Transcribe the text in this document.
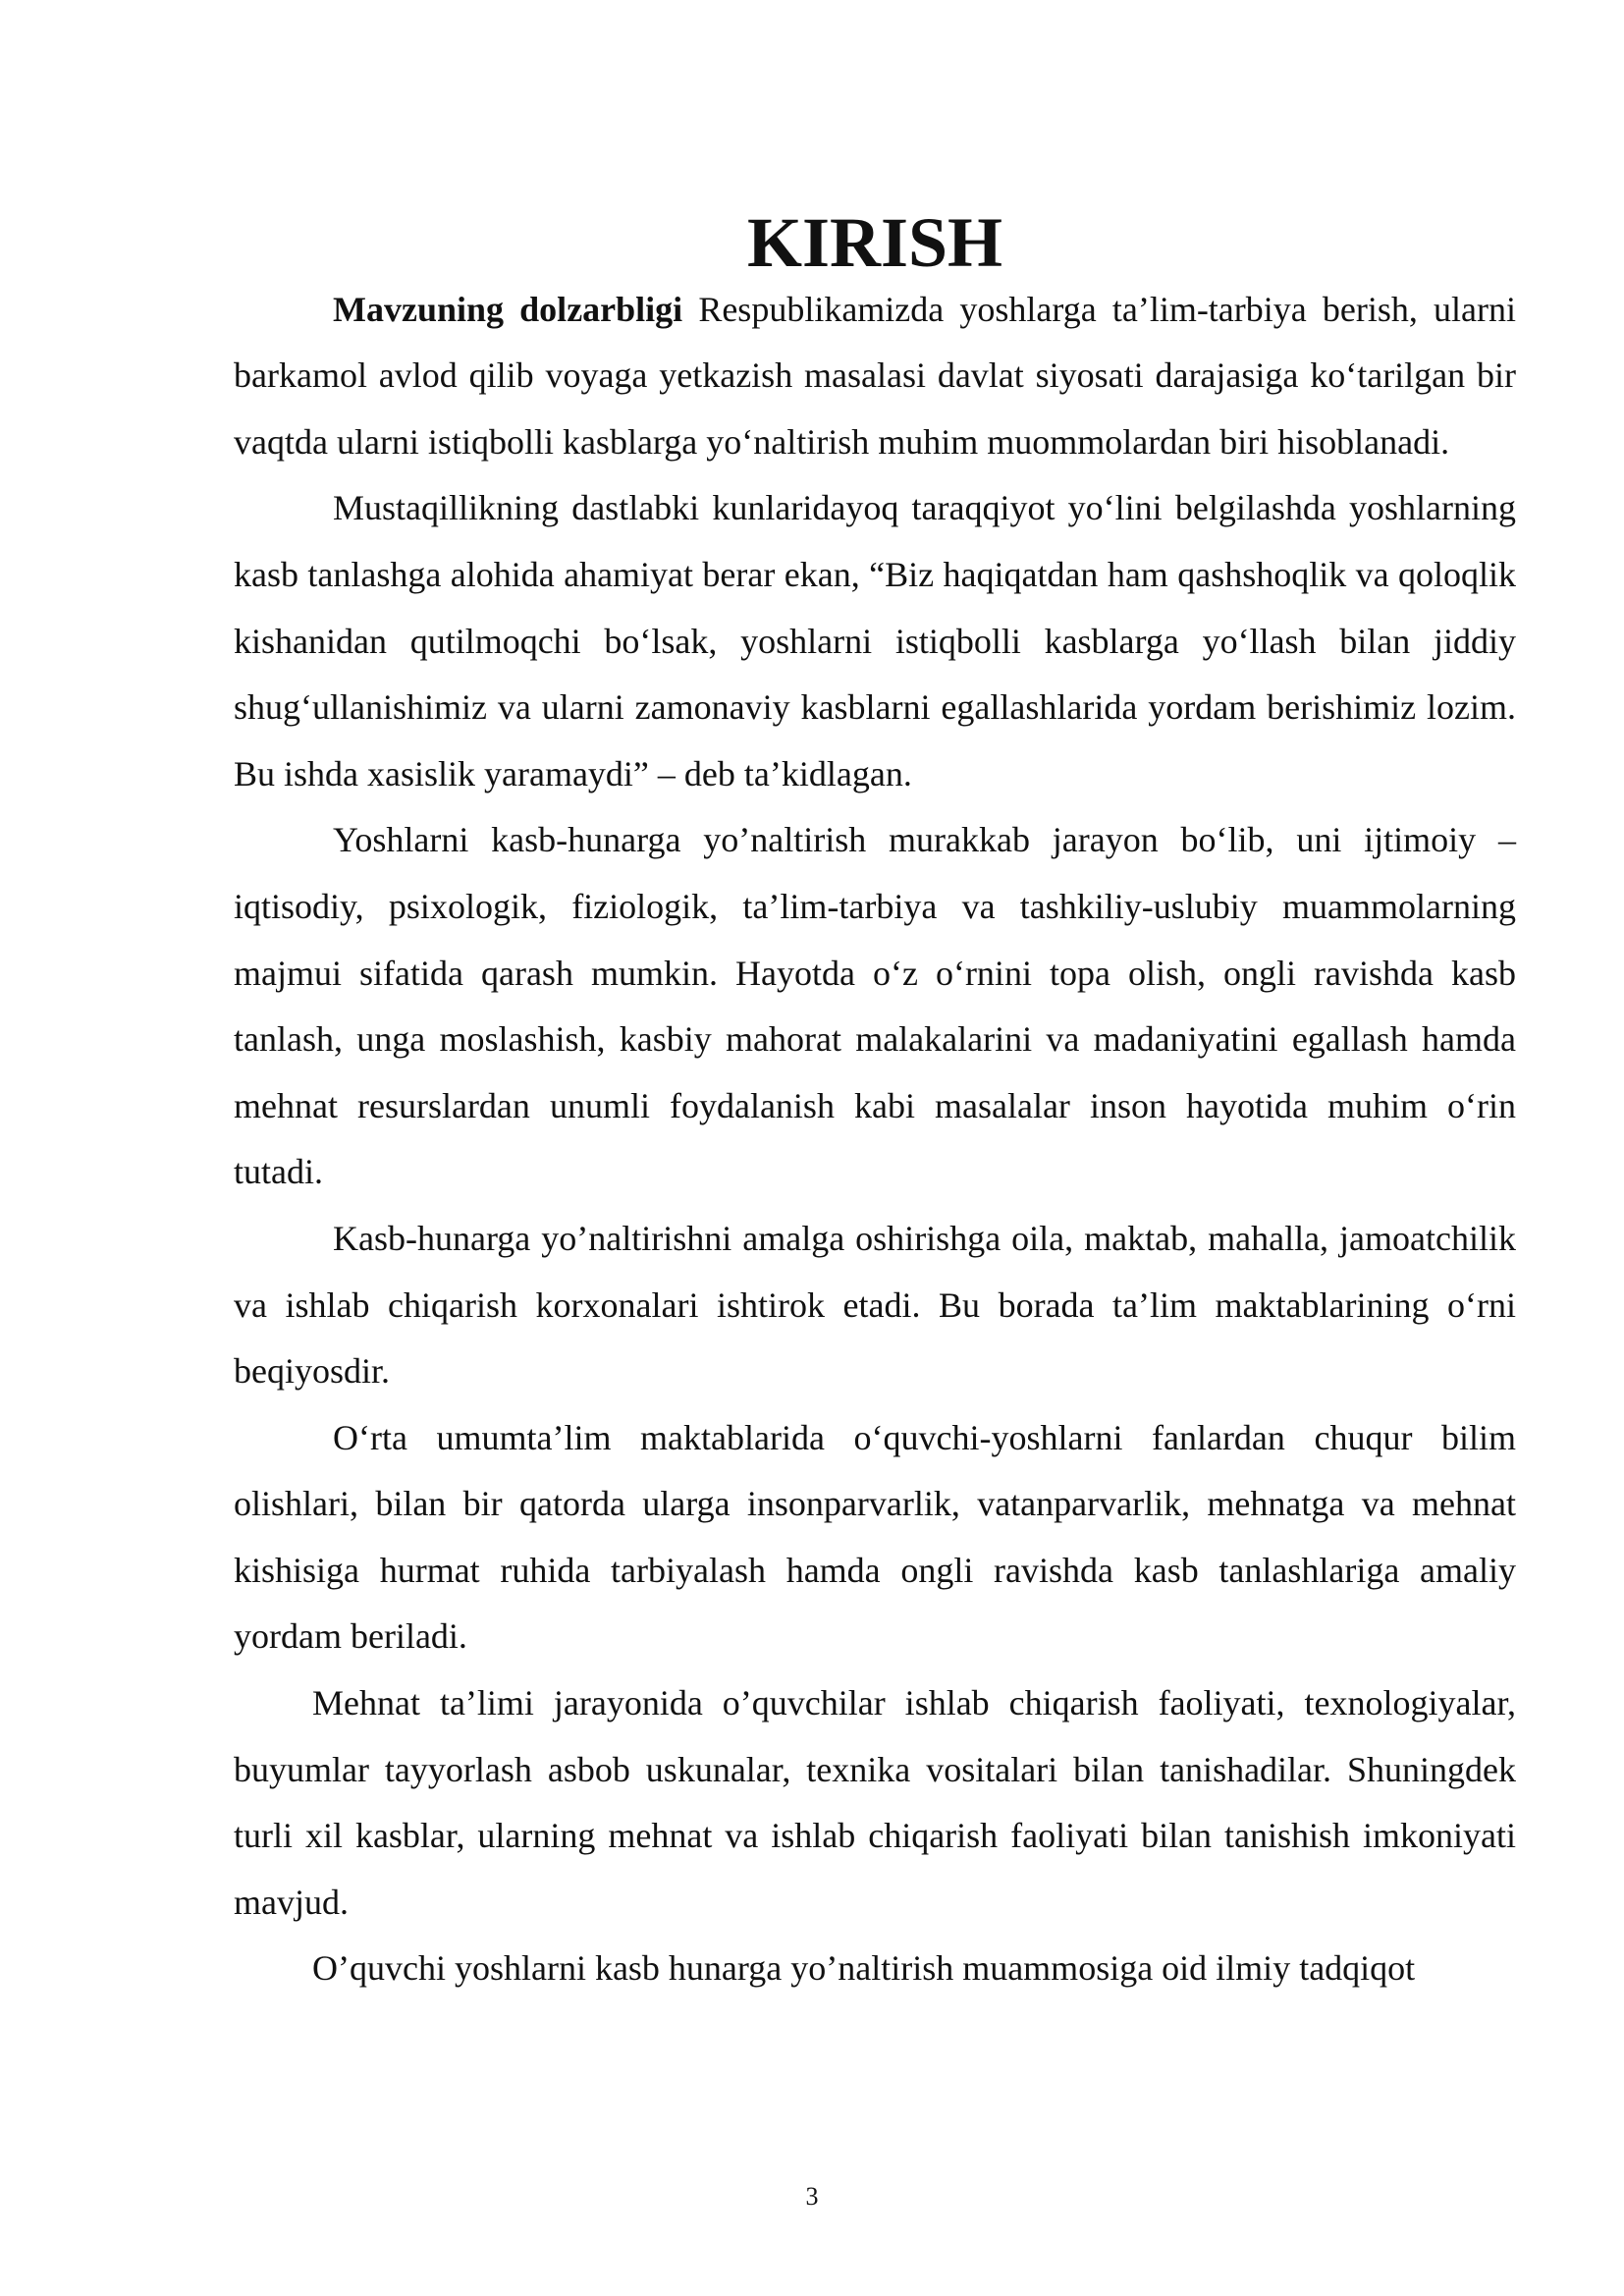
KIRISH

Mavzuning dolzarbligi Respublikamizda yoshlarga ta’lim-tarbiya berish, ularni barkamol avlod qilib voyaga yetkazish masalasi davlat siyosati darajasiga ko‘tarilgan bir vaqtda ularni istiqbolli kasblarga yo‘naltirish muhim muommolardan biri hisoblanadi.

Mustaqillikning dastlabki kunlaridayoq taraqqiyot yo‘lini belgilashda yoshlarning kasb tanlashga alohida ahamiyat berar ekan, “Biz haqiqatdan ham qashshoqlik va qoloqlik kishanidan qutilmoqchi bo‘lsak, yoshlarni istiqbolli kasblarga yo‘llash bilan jiddiy shug‘ullanishimiz va ularni zamonaviy kasblarni egallashlarida yordam berishimiz lozim. Bu ishda xasislik yaramaydi” – deb ta’kidlagan.

Yoshlarni kasb-hunarga yo’naltirish murakkab jarayon bo‘lib, uni ijtimoiy – iqtisodiy, psixologik, fiziologik, ta’lim-tarbiya va tashkiliy-uslubiy muammolarning majmui sifatida qarash mumkin. Hayotda o‘z o‘rnini topa olish, ongli ravishda kasb tanlash, unga moslashish, kasbiy mahorat malakalarini va madaniyatini egallash hamda mehnat resurslardan unumli foydalanish kabi masalalar inson hayotida muhim o‘rin tutadi.

Kasb-hunarga yo’naltirishni amalga oshirishga oila, maktab, mahalla, jamoatchilik va ishlab chiqarish korxonalari ishtirok etadi. Bu borada ta’lim maktablarining o‘rni beqiyosdir.

O‘rta umumta’lim maktablarida o‘quvchi-yoshlarni fanlardan chuqur bilim olishlari, bilan bir qatorda ularga insonparvarlik, vatanparvarlik, mehnatga va mehnat kishisiga hurmat ruhida tarbiyalash hamda ongli ravishda kasb tanlashlariga amaliy yordam beriladi.

Mehnat ta’limi jarayonida o’quvchilar ishlab chiqarish faoliyati, texnologiyalar, buyumlar tayyorlash asbob uskunalar, texnika vositalari bilan tanishadilar. Shuningdek turli xil kasblar, ularning mehnat va ishlab chiqarish faoliyati bilan tanishish imkoniyati mavjud.

O’quvchi yoshlarni kasb hunarga yo’naltirish muammosiga oid ilmiy tadqiqot

3
